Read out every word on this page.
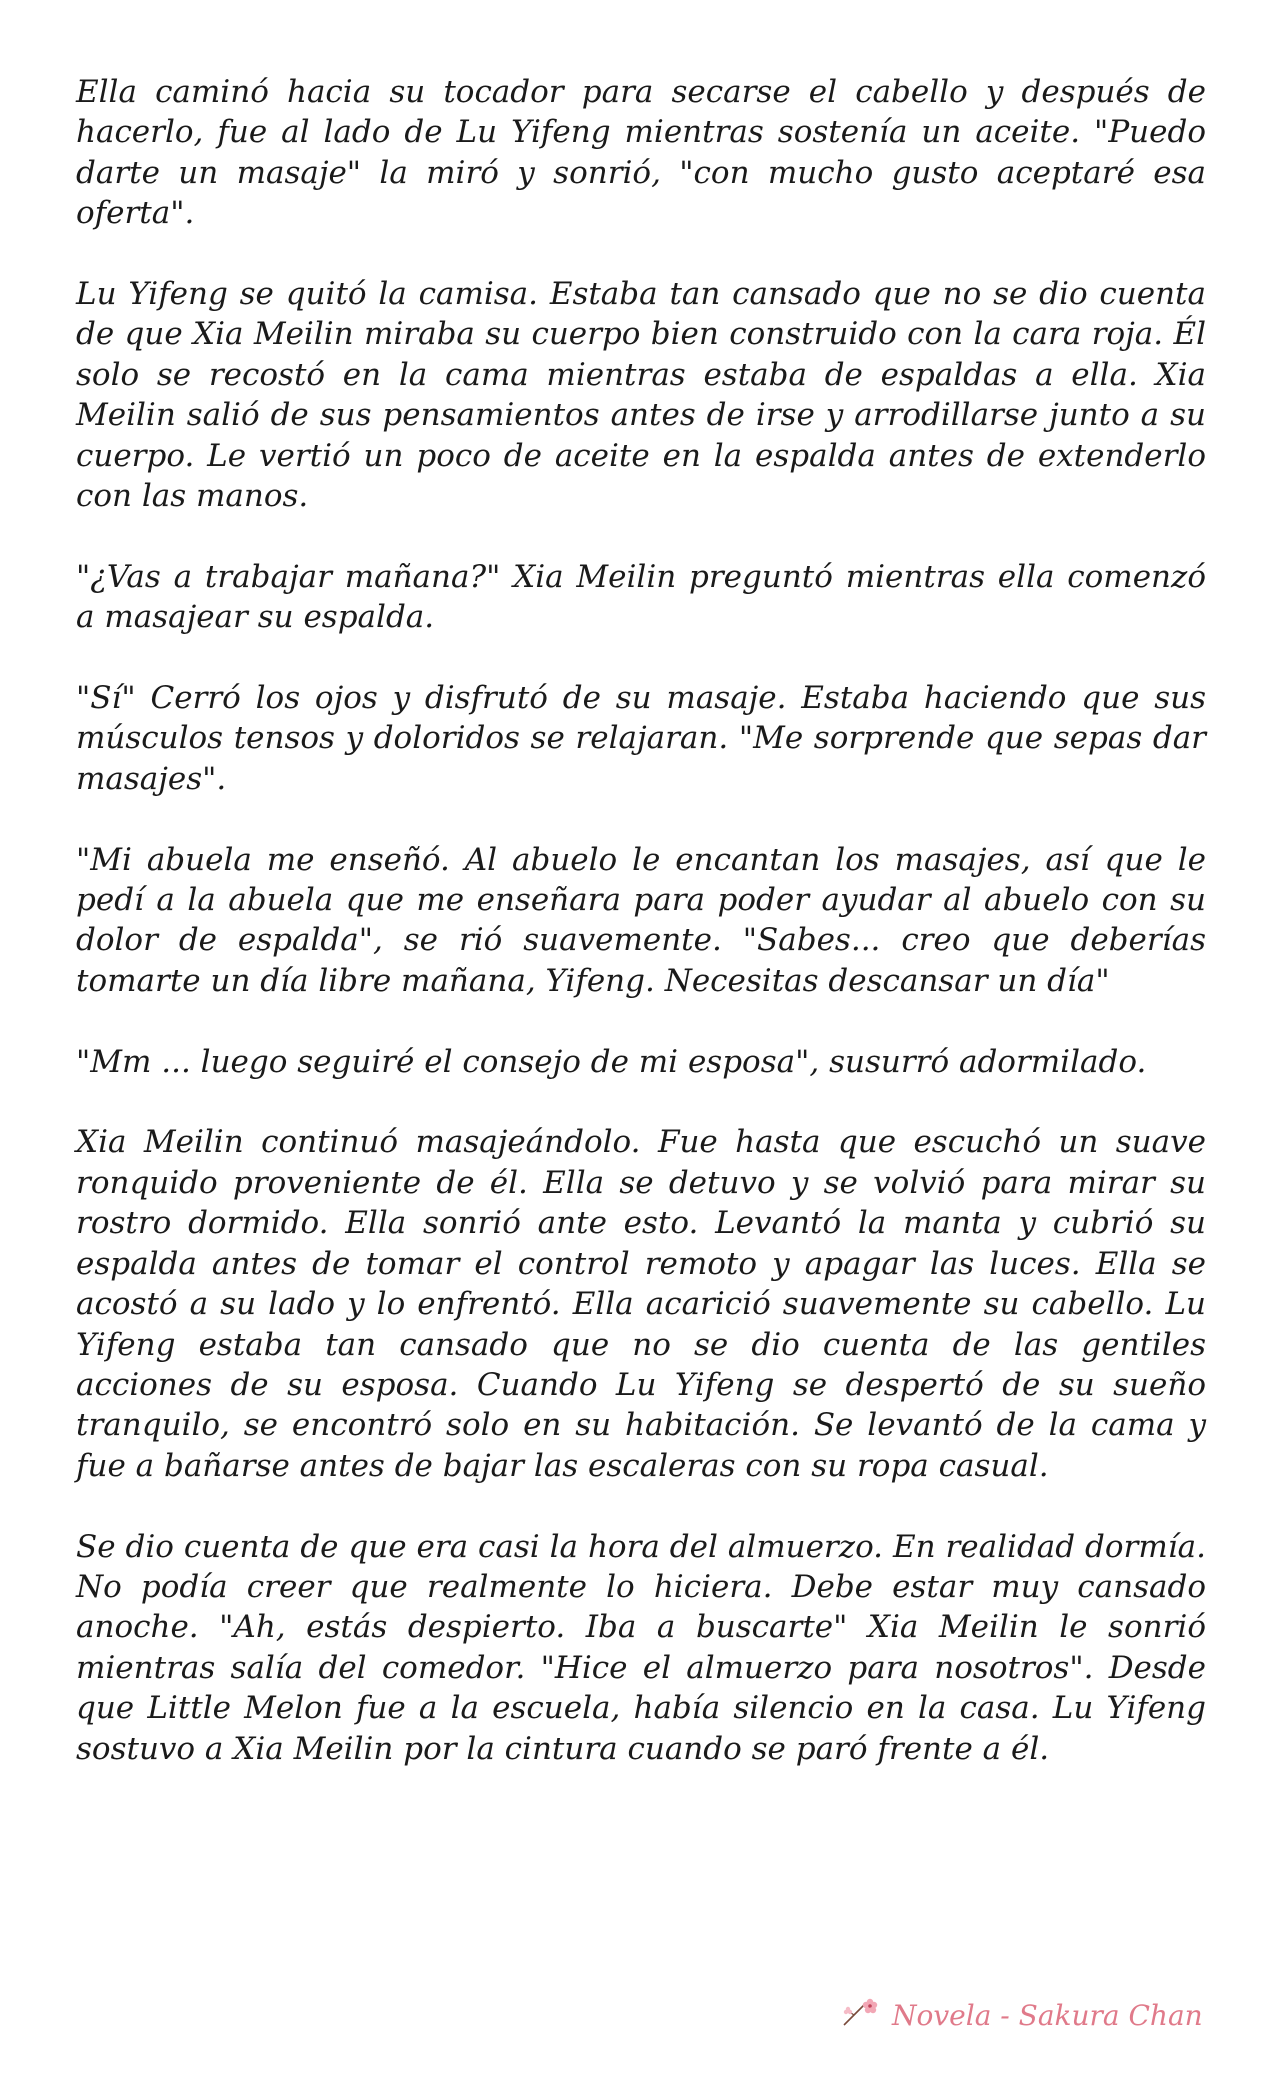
Ella caminó hacia su tocador para secarse el cabello y después de hacerlo, fue al lado de Lu Yifeng mientras sostenía un aceite. "Puedo darte un masaje" la miró y sonrió, "con mucho gusto aceptaré esa oferta".

Lu Yifeng se quitó la camisa. Estaba tan cansado que no se dio cuenta de que Xia Meilin miraba su cuerpo bien construido con la cara roja. Él solo se recostó en la cama mientras estaba de espaldas a ella. Xia Meilin salió de sus pensamientos antes de irse y arrodillarse junto a su cuerpo. Le vertió un poco de aceite en la espalda antes de extenderlo con las manos.

"¿Vas a trabajar mañana?" Xia Meilin preguntó mientras ella comenzó a masajear su espalda.

"Sí" Cerró los ojos y disfrutó de su masaje. Estaba haciendo que sus músculos tensos y doloridos se relajaran. "Me sorprende que sepas dar masajes".

"Mi abuela me enseñó. Al abuelo le encantan los masajes, así que le pedí a la abuela que me enseñara para poder ayudar al abuelo con su dolor de espalda", se rió suavemente. "Sabes... creo que deberías tomarte un día libre mañana, Yifeng. Necesitas descansar un día"

"Mm ... luego seguiré el consejo de mi esposa", susurró adormilado.

Xia Meilin continuó masajeándolo. Fue hasta que escuchó un suave ronquido proveniente de él. Ella se detuvo y se volvió para mirar su rostro dormido. Ella sonrió ante esto. Levantó la manta y cubrió su espalda antes de tomar el control remoto y apagar las luces. Ella se acostó a su lado y lo enfrentó. Ella acarició suavemente su cabello. Lu Yifeng estaba tan cansado que no se dio cuenta de las gentiles acciones de su esposa. Cuando Lu Yifeng se despertó de su sueño tranquilo, se encontró solo en su habitación. Se levantó de la cama y fue a bañarse antes de bajar las escaleras con su ropa casual.

Se dio cuenta de que era casi la hora del almuerzo. En realidad dormía. No podía creer que realmente lo hiciera. Debe estar muy cansado anoche. "Ah, estás despierto. Iba a buscarte" Xia Meilin le sonrió mientras salía del comedor. "Hice el almuerzo para nosotros". Desde que Little Melon fue a la escuela, había silencio en la casa. Lu Yifeng sostuvo a Xia Meilin por la cintura cuando se paró frente a él.

Novela - Sakura Chan
